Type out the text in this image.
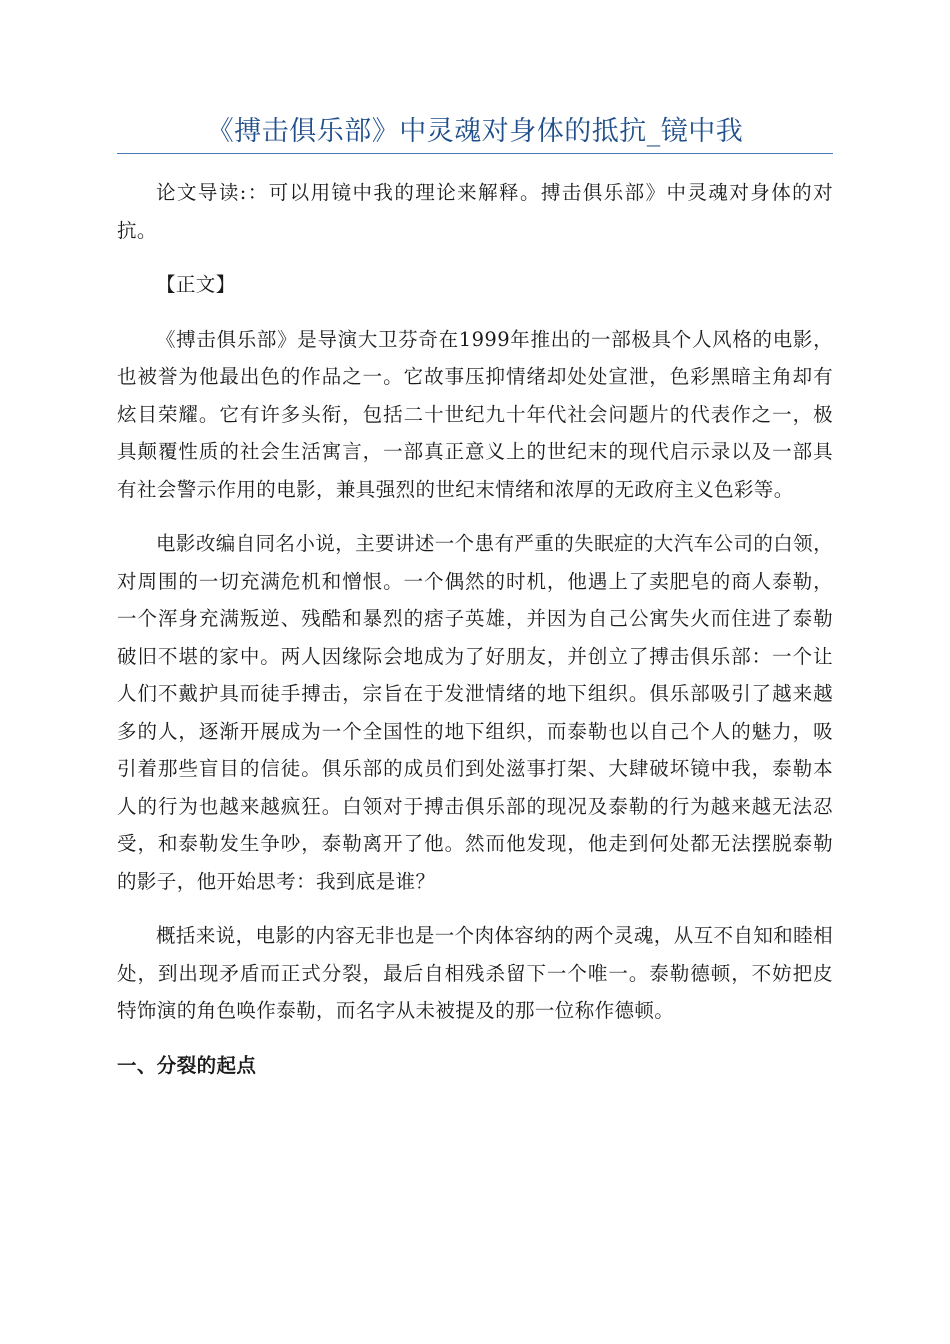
《搏击俱乐部》中灵魂对身体的抵抗_镜中我

论文导读:：可以用镜中我的理论来解释。搏击俱乐部》中灵魂对身体的对抗。

【正文】

《搏击俱乐部》是导演大卫芬奇在1999年推出的一部极具个人风格的电影，也被誉为他最出色的作品之一。它故事压抑情绪却处处宣泄，色彩黑暗主角却有炫目荣耀。它有许多头衔，包括二十世纪九十年代社会问题片的代表作之一，极具颠覆性质的社会生活寓言，一部真正意义上的世纪末的现代启示录以及一部具有社会警示作用的电影，兼具强烈的世纪末情绪和浓厚的无政府主义色彩等。

电影改编自同名小说，主要讲述一个患有严重的失眠症的大汽车公司的白领，对周围的一切充满危机和憎恨。一个偶然的时机，他遇上了卖肥皂的商人泰勒，一个浑身充满叛逆、残酷和暴烈的痞子英雄，并因为自己公寓失火而住进了泰勒破旧不堪的家中。两人因缘际会地成为了好朋友，并创立了搏击俱乐部：一个让人们不戴护具而徒手搏击，宗旨在于发泄情绪的地下组织。俱乐部吸引了越来越多的人，逐渐开展成为一个全国性的地下组织，而泰勒也以自己个人的魅力，吸引着那些盲目的信徒。俱乐部的成员们到处滋事打架、大肆破坏镜中我，泰勒本人的行为也越来越疯狂。白领对于搏击俱乐部的现况及泰勒的行为越来越无法忍受，和泰勒发生争吵，泰勒离开了他。然而他发现，他走到何处都无法摆脱泰勒的影子，他开始思考：我到底是谁？

概括来说，电影的内容无非也是一个肉体容纳的两个灵魂，从互不自知和睦相处，到出现矛盾而正式分裂，最后自相残杀留下一个唯一。泰勒德顿，不妨把皮特饰演的角色唤作泰勒，而名字从未被提及的那一位称作德顿。

一、分裂的起点
